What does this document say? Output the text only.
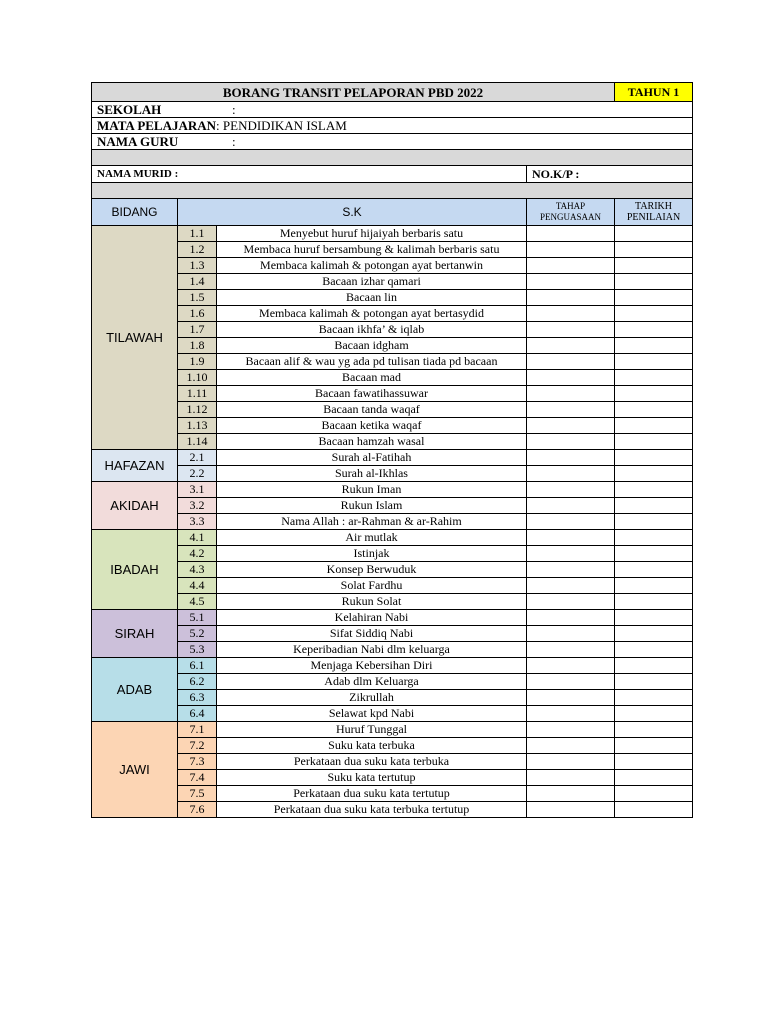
BORANG TRANSIT PELAPORAN PBD 2022				TAHUN 1
SEKOLAH :				
MATA PELAJARAN: PENDIDIKAN ISLAM				
NAMA GURU :				

NAMA MURID :			NO.K/P :	

BIDANG	S.K		TAHAP PENGUASAAN	TARIKH PENILAIAN
TILAWAH	1.1	Menyebut huruf hijaiyah berbaris satu		
	1.2	Membaca huruf bersambung & kalimah berbaris satu		
	1.3	Membaca kalimah & potongan ayat bertanwin		
	1.4	Bacaan izhar qamari		
	1.5	Bacaan lin		
	1.6	Membaca kalimah & potongan ayat bertasydid		
	1.7	Bacaan ikhfa’ & iqlab		
	1.8	Bacaan idgham		
	1.9	Bacaan alif & wau yg ada pd tulisan tiada pd bacaan		
	1.10	Bacaan mad		
	1.11	Bacaan fawatihassuwar		
	1.12	Bacaan tanda waqaf		
	1.13	Bacaan ketika waqaf		
	1.14	Bacaan hamzah wasal		
HAFAZAN	2.1	Surah al-Fatihah		
	2.2	Surah al-Ikhlas		
AKIDAH	3.1	Rukun Iman		
	3.2	Rukun Islam		
	3.3	Nama Allah : ar-Rahman & ar-Rahim		
IBADAH	4.1	Air mutlak		
	4.2	Istinjak		
	4.3	Konsep Berwuduk		
	4.4	Solat Fardhu		
	4.5	Rukun Solat		
SIRAH	5.1	Kelahiran Nabi		
	5.2	Sifat Siddiq Nabi		
	5.3	Keperibadian Nabi dlm keluarga		
ADAB	6.1	Menjaga Kebersihan Diri		
	6.2	Adab dlm Keluarga		
	6.3	Zikrullah		
	6.4	Selawat kpd Nabi		
JAWI	7.1	Huruf Tunggal		
	7.2	Suku kata terbuka		
	7.3	Perkataan dua suku kata terbuka		
	7.4	Suku kata tertutup		
	7.5	Perkataan dua suku kata tertutup		
	7.6	Perkataan dua suku kata terbuka tertutup		
